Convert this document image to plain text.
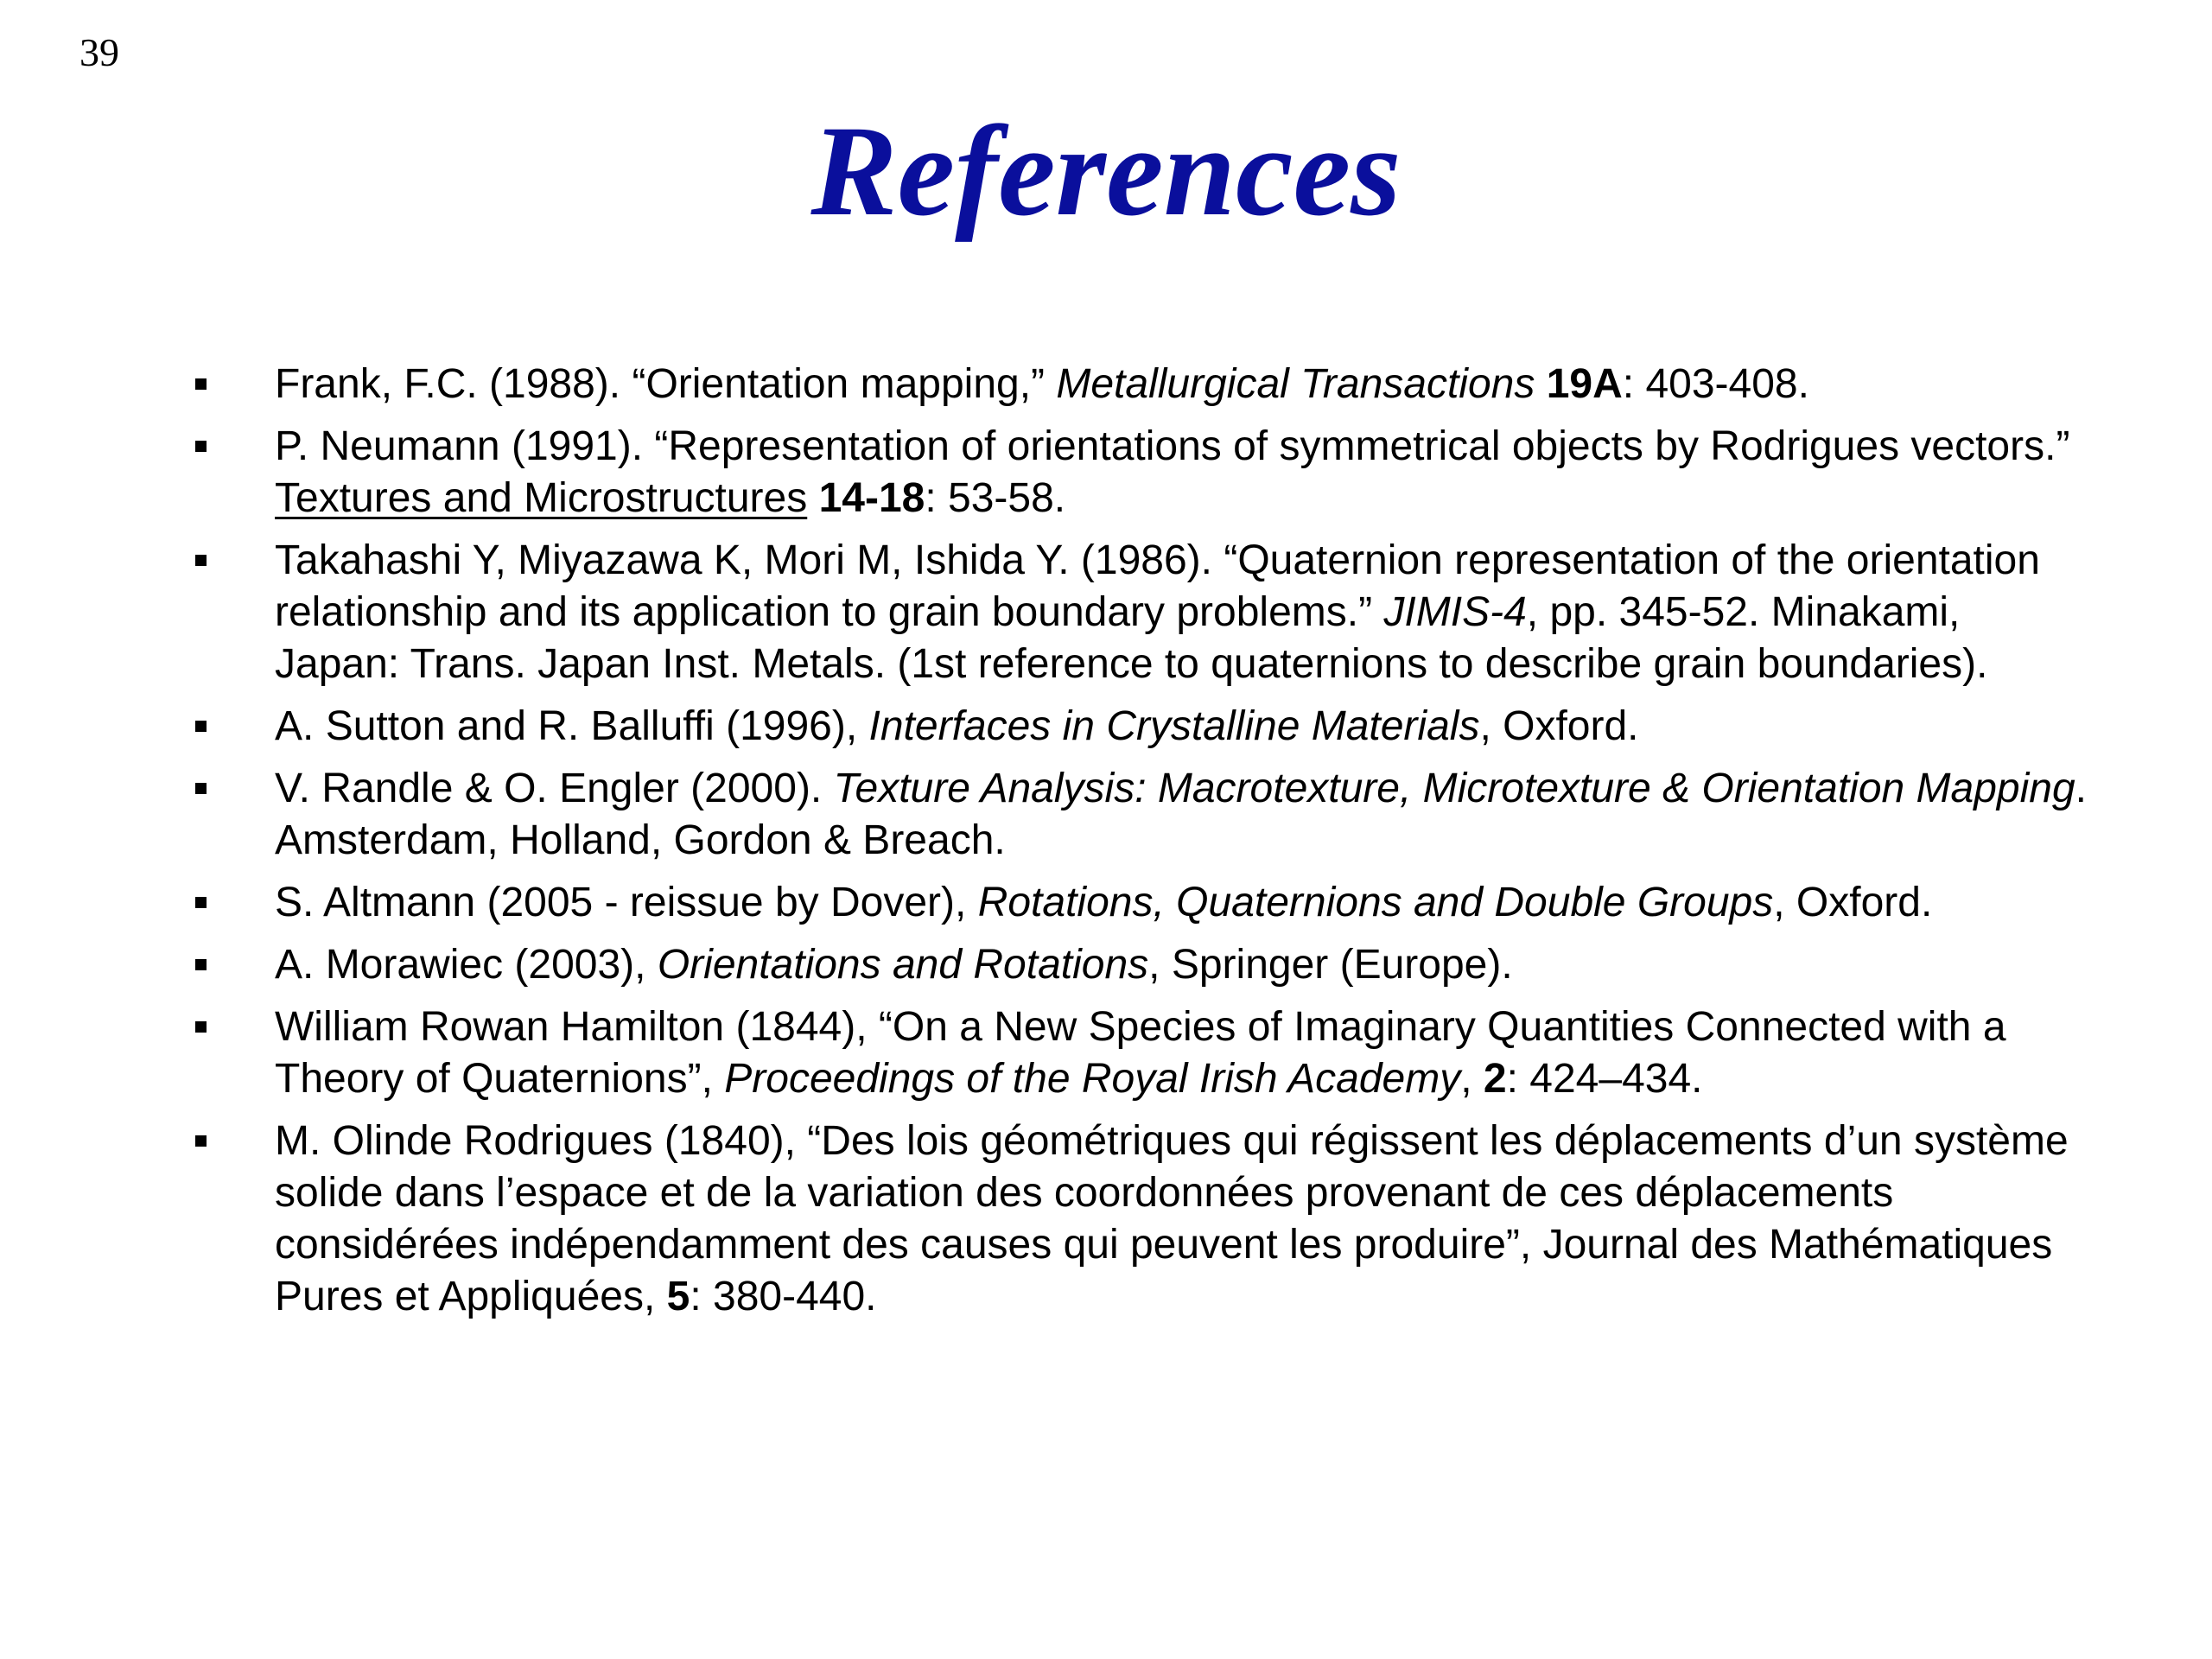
39
References
Frank, F.C. (1988). “Orientation mapping,” Metallurgical Transactions 19A: 403-408.
P. Neumann (1991). “Representation of orientations of symmetrical objects by Rodrigues vectors.” Textures and Microstructures 14-18: 53-58.
Takahashi Y, Miyazawa K, Mori M, Ishida Y. (1986). “Quaternion representation of the orientation relationship and its application to grain boundary problems.” JIMIS-4, pp. 345-52. Minakami, Japan: Trans. Japan Inst. Metals. (1st reference to quaternions to describe grain boundaries).
A. Sutton and R. Balluffi (1996), Interfaces in Crystalline Materials, Oxford.
V. Randle & O. Engler (2000). Texture Analysis: Macrotexture, Microtexture & Orientation Mapping. Amsterdam, Holland, Gordon & Breach.
S. Altmann (2005 - reissue by Dover), Rotations, Quaternions and Double Groups, Oxford.
A. Morawiec (2003), Orientations and Rotations, Springer (Europe).
William Rowan Hamilton (1844), “On a New Species of Imaginary Quantities Connected with a Theory of Quaternions”, Proceedings of the Royal Irish Academy, 2: 424–434.
M. Olinde Rodrigues (1840), “Des lois géométriques qui régissent les déplacements d’un système solide dans l’espace et de la variation des coordonnées provenant de ces déplacements considérées indépendamment des causes qui peuvent les produire”, Journal des Mathématiques Pures et Appliquées, 5: 380-440.
